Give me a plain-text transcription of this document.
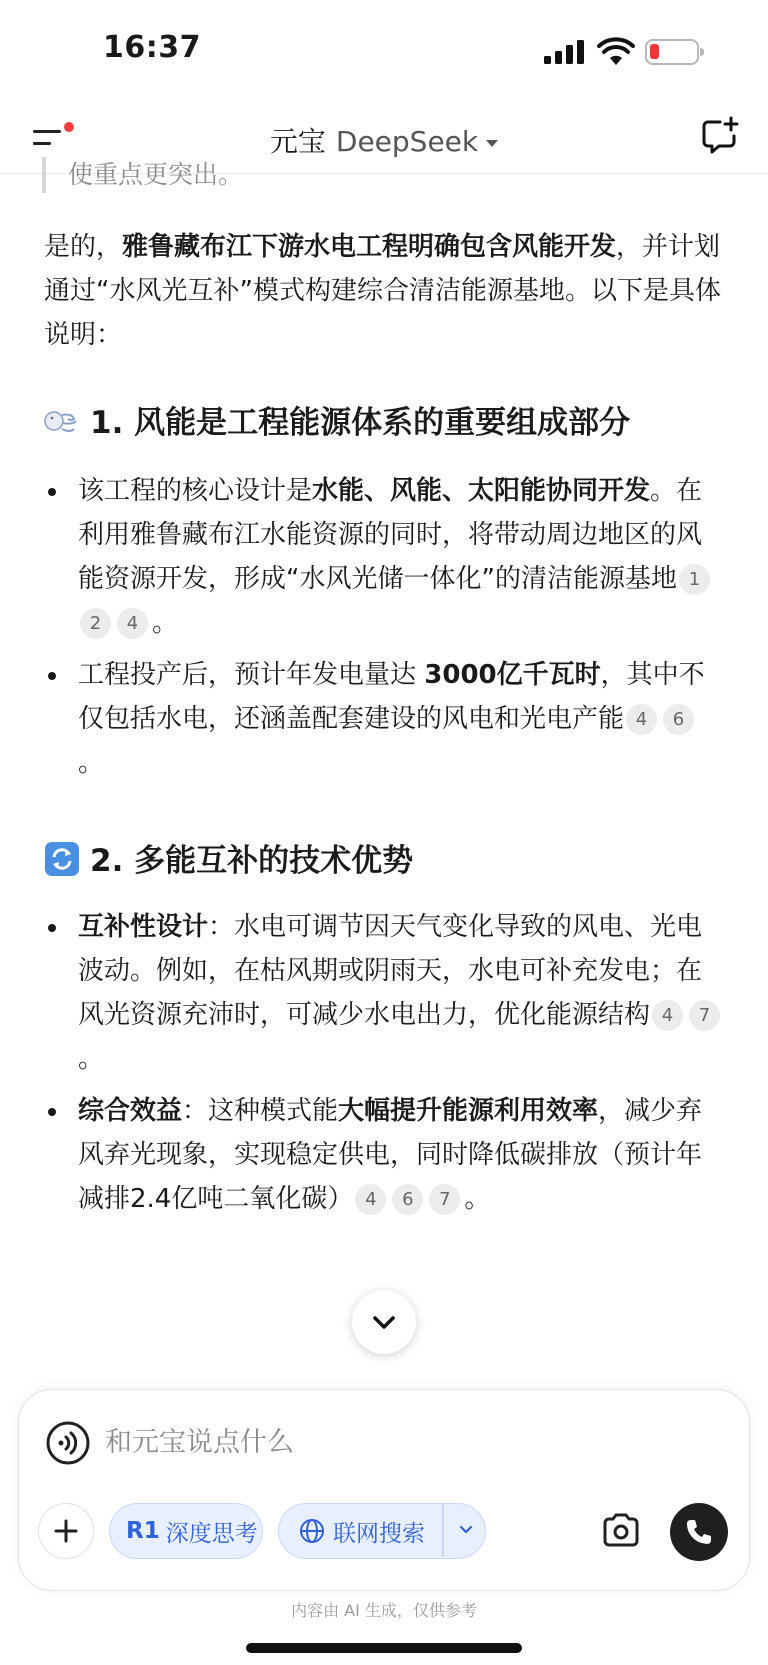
16:37
元宝 DeepSeek
使重点更突出。

是的，雅鲁藏布江下游水电工程明确包含风能开发，并计划通过“水风光互补”模式构建综合清洁能源基地。以下是具体说明：

1. 风能是工程能源体系的重要组成部分
该工程的核心设计是水能、风能、太阳能协同开发。在利用雅鲁藏布江水能资源的同时，将带动周边地区的风能资源开发，形成“水风光储一体化”的清洁能源基地 12 4 。
工程投产后，预计年发电量达 3000亿千瓦时，其中不仅包括水电，还涵盖配套建设的风电和光电产能 4 6。
2. 多能互补的技术优势
互补性设计：水电可调节因天气变化导致的风电、光电波动。例如，在枯风期或阴雨天，水电可补充发电；在风光资源充沛时，可减少水电出力，优化能源结构 4 7。
综合效益：这种模式能大幅提升能源利用效率，减少弃风弃光现象，实现稳定供电，同时降低碳排放（预计年减排2.4亿吨二氧化碳） 4 6 7 。
和元宝说点什么
R1 深度思考	联网搜索
内容由 AI 生成，仅供参考
